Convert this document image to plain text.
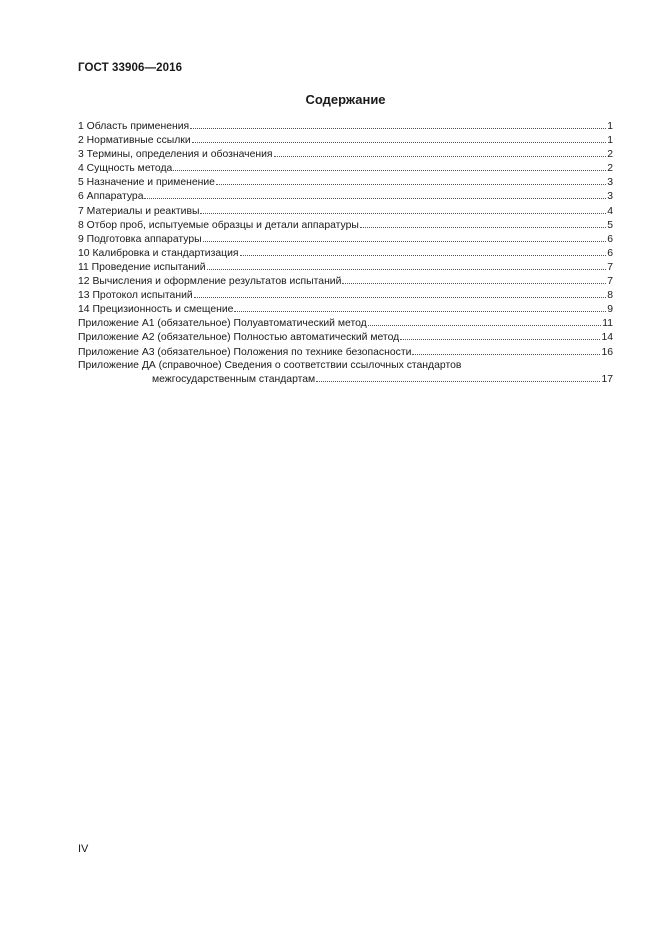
ГОСТ 33906—2016
Содержание
1 Область применения	1
2 Нормативные ссылки	1
3 Термины, определения и обозначения	2
4 Сущность метода	2
5 Назначение и применение	3
6 Аппаратура	3
7 Материалы и реактивы	4
8 Отбор проб, испытуемые образцы и детали аппаратуры	5
9 Подготовка аппаратуры	6
10 Калибровка и стандартизация	6
11 Проведение испытаний	7
12 Вычисления и оформление результатов испытаний	7
13 Протокол испытаний	8
14 Прецизионность и смещение	9
Приложение А1 (обязательное) Полуавтоматический метод	11
Приложение А2 (обязательное) Полностью автоматический метод	14
Приложение А3 (обязательное) Положения по технике безопасности	16
Приложение ДА (справочное) Сведения о соответствии ссылочных стандартов
межгосударственным стандартам	17
IV
